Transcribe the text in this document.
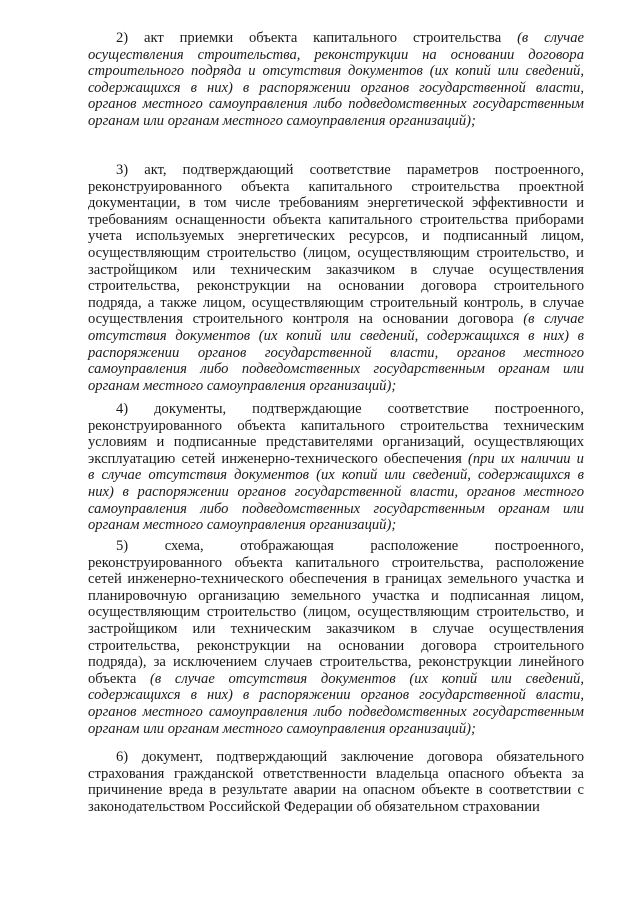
2) акт приемки объекта капитального строительства (в случае
осуществления строительства, реконструкции на основании договора
строительного подряда и отсутствия документов (их копий или сведений,
содержащихся в них) в распоряжении органов государственной власти,
органов местного самоуправления либо подведомственных государственным
органам или органам местного самоуправления организаций);
3) акт, подтверждающий соответствие параметров построенного,
реконструированного объекта капитального строительства проектной
документации, в том числе требованиям энергетической эффективности и
требованиям оснащенности объекта капитального строительства приборами
учета используемых энергетических ресурсов, и подписанный лицом,
осуществляющим строительство (лицом, осуществляющим строительство, и
застройщиком или техническим заказчиком в случае осуществления
строительства, реконструкции на основании договора строительного
подряда, а также лицом, осуществляющим строительный контроль, в случае
осуществления строительного контроля на основании договора (в случае
отсутствия документов (их копий или сведений, содержащихся в них) в
распоряжении органов государственной власти, органов местного
самоуправления либо подведомственных государственным органам или
органам местного самоуправления организаций);
4) документы, подтверждающие соответствие построенного,
реконструированного объекта капитального строительства техническим
условиям и подписанные представителями организаций, осуществляющих
эксплуатацию сетей инженерно-технического обеспечения (при их наличии и
в случае отсутствия документов (их копий или сведений, содержащихся в
них) в распоряжении органов государственной власти, органов местного
самоуправления либо подведомственных государственным органам или
органам местного самоуправления организаций);
5) схема, отображающая расположение построенного,
реконструированного объекта капитального строительства, расположение
сетей инженерно-технического обеспечения в границах земельного участка и
планировочную организацию земельного участка и подписанная лицом,
осуществляющим строительство (лицом, осуществляющим строительство, и
застройщиком или техническим заказчиком в случае осуществления
строительства, реконструкции на основании договора строительного
подряда), за исключением случаев строительства, реконструкции линейного
объекта (в случае отсутствия документов (их копий или сведений,
содержащихся в них) в распоряжении органов государственной власти,
органов местного самоуправления либо подведомственных государственным
органам или органам местного самоуправления организаций);
6) документ, подтверждающий заключение договора обязательного
страхования гражданской ответственности владельца опасного объекта за
причинение вреда в результате аварии на опасном объекте в соответствии с
законодательством Российской Федерации об обязательном страховании
